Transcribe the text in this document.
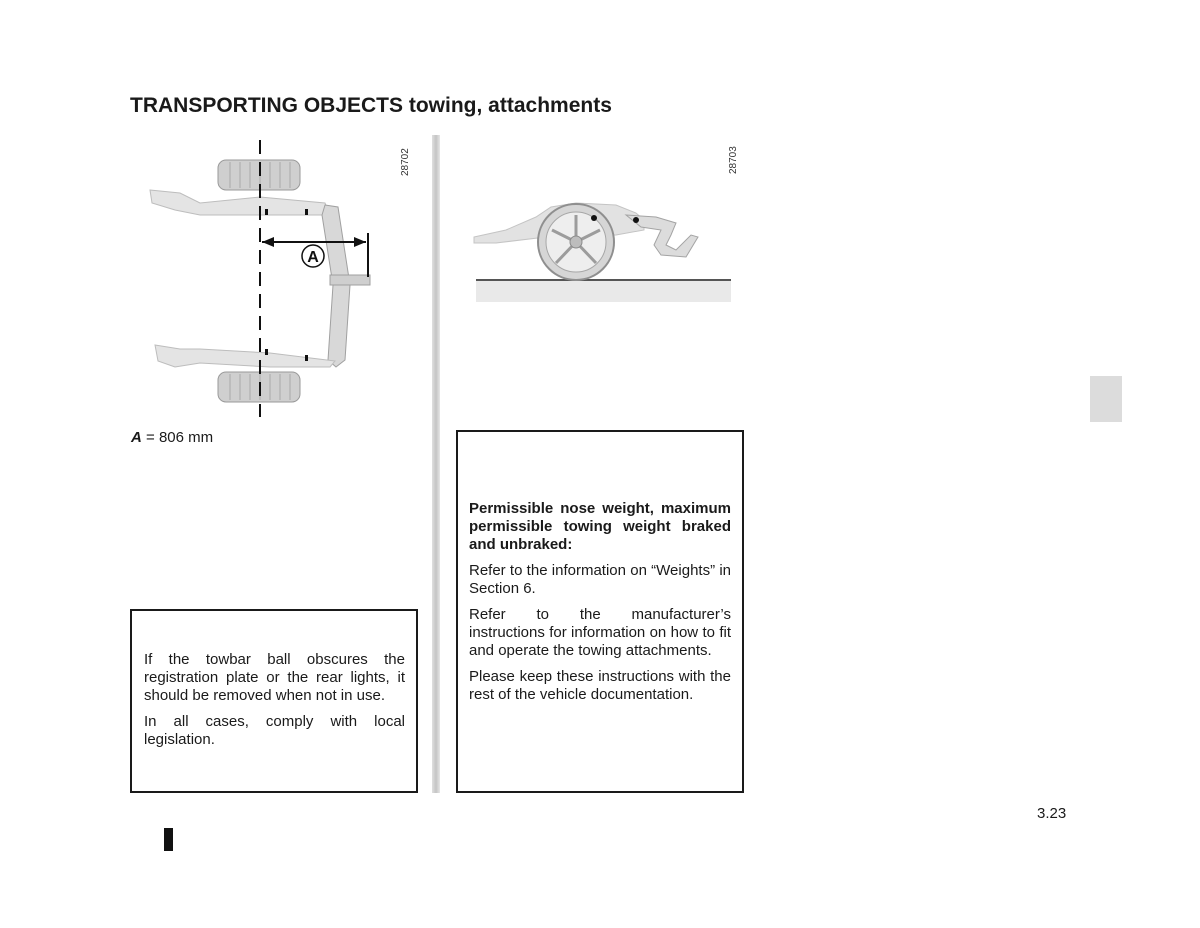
TRANSPORTING OBJECTS towing, attachments
A
28702
A = 806 mm
28703

If the towbar ball obscures the registration plate or the rear lights, it should be removed when not in use.

In all cases, comply with local legislation.

Permissible nose weight, maximum permissible towing weight braked and unbraked:

Refer to the information on “Weights” in Section 6.

Refer to the manufacturer’s instructions for information on how to fit and operate the towing attachments.

Please keep these instructions with the rest of the vehicle documentation.

3.23
